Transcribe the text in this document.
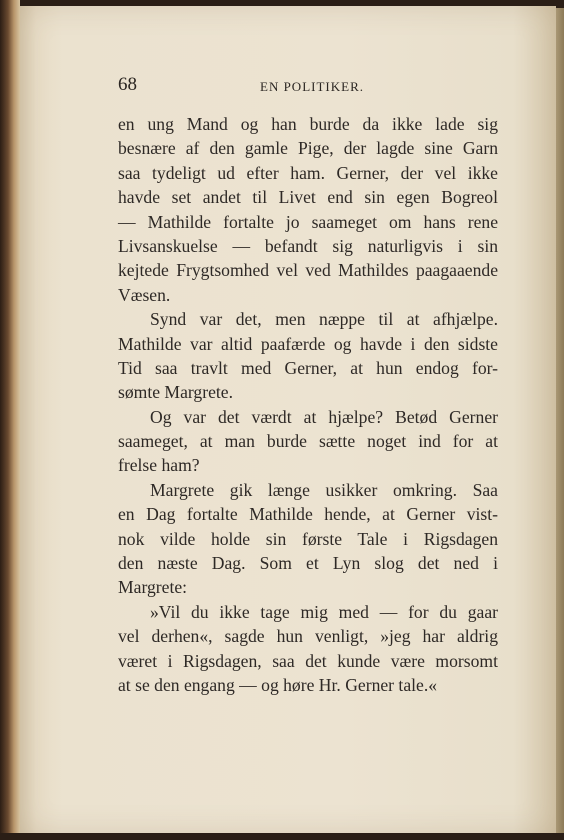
68	EN POLITIKER.
en ung Mand og han burde da ikke lade sig
besnære af den gamle Pige, der lagde sine Garn
saa tydeligt ud efter ham. Gerner, der vel ikke
havde set andet til Livet end sin egen Bogreol
— Mathilde fortalte jo saameget om hans rene
Livsanskuelse — befandt sig naturligvis i sin
kejtede Frygtsomhed vel ved Mathildes paagaaende
Væsen.
Synd var det, men næppe til at afhjælpe.
Mathilde var altid paafærde og havde i den sidste
Tid saa travlt med Gerner, at hun endog for-
sømte Margrete.
Og var det værdt at hjælpe? Betød Gerner
saameget, at man burde sætte noget ind for at
frelse ham?
Margrete gik længe usikker omkring. Saa
en Dag fortalte Mathilde hende, at Gerner vist-
nok vilde holde sin første Tale i Rigsdagen
den næste Dag. Som et Lyn slog det ned i
Margrete:
»Vil du ikke tage mig med — for du gaar
vel derhen«, sagde hun venligt, »jeg har aldrig
været i Rigsdagen, saa det kunde være morsomt
at se den engang — og høre Hr. Gerner tale.«
